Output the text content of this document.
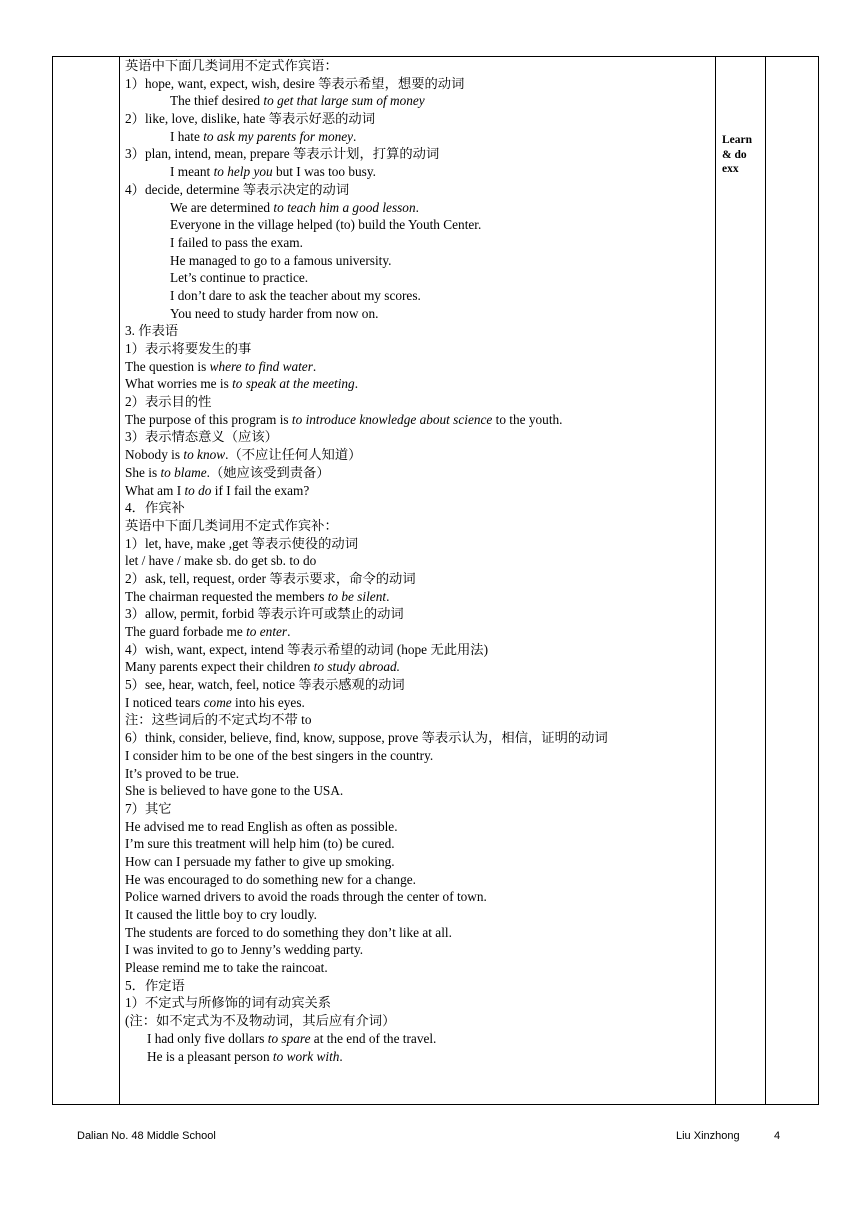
英语中下面几类词用不定式作宾语：
1）hope, want, expect, wish, desire 等表示希望，想要的动词
The thief desired to get that large sum of money
2）like, love, dislike, hate 等表示好恶的动词
I hate to ask my parents for money.
3）plan, intend, mean, prepare 等表示计划，打算的动词
I meant to help you but I was too busy.
4）decide, determine 等表示决定的动词
We are determined to teach him a good lesson.
Everyone in the village helped (to) build the Youth Center.
I failed to pass the exam.
He managed to go to a famous university.
Let’s continue to practice.
I don’t dare to ask the teacher about my scores.
You need to study harder from now on.
3. 作表语
1）表示将要发生的事
The question is where to find water.
What worries me is to speak at the meeting.
2）表示目的性
The purpose of this program is to introduce knowledge about science to the youth.
3）表示情态意义（应该）
Nobody is to know.（不应让任何人知道）
She is to blame.（她应该受到责备）
What am I to do if I fail the exam?
4．作宾补
英语中下面几类词用不定式作宾补：
1）let, have, make ,get 等表示使役的动词
let / have / make sb. do get sb. to do
2）ask, tell, request, order 等表示要求，命令的动词
The chairman requested the members to be silent.
3）allow, permit, forbid 等表示许可或禁止的动词
The guard forbade me to enter.
4）wish, want, expect, intend 等表示希望的动词 (hope 无此用法)
Many parents expect their children to study abroad.
5）see, hear, watch, feel, notice 等表示感观的动词
I noticed tears come into his eyes.
注：这些词后的不定式均不带 to
6）think, consider, believe, find, know, suppose, prove 等表示认为，相信，证明的动词
I consider him to be one of the best singers in the country.
It’s proved to be true.
She is believed to have gone to the USA.
7）其它
He advised me to read English as often as possible.
I’m sure this treatment will help him (to) be cured.
How can I persuade my father to give up smoking.
He was encouraged to do something new for a change.
Police warned drivers to avoid the roads through the center of town.
It caused the little boy to cry loudly.
The students are forced to do something they don’t like at all.
I was invited to go to Jenny’s wedding party.
Please remind me to take the raincoat.
5．作定语
1）不定式与所修饰的词有动宾关系
(注：如不定式为不及物动词，其后应有介词）
I had only five dollars to spare at the end of the travel.
He is a pleasant person to work with.
Learn
& do
exx
Dalian No. 48 Middle School	Liu Xinzhong	4
